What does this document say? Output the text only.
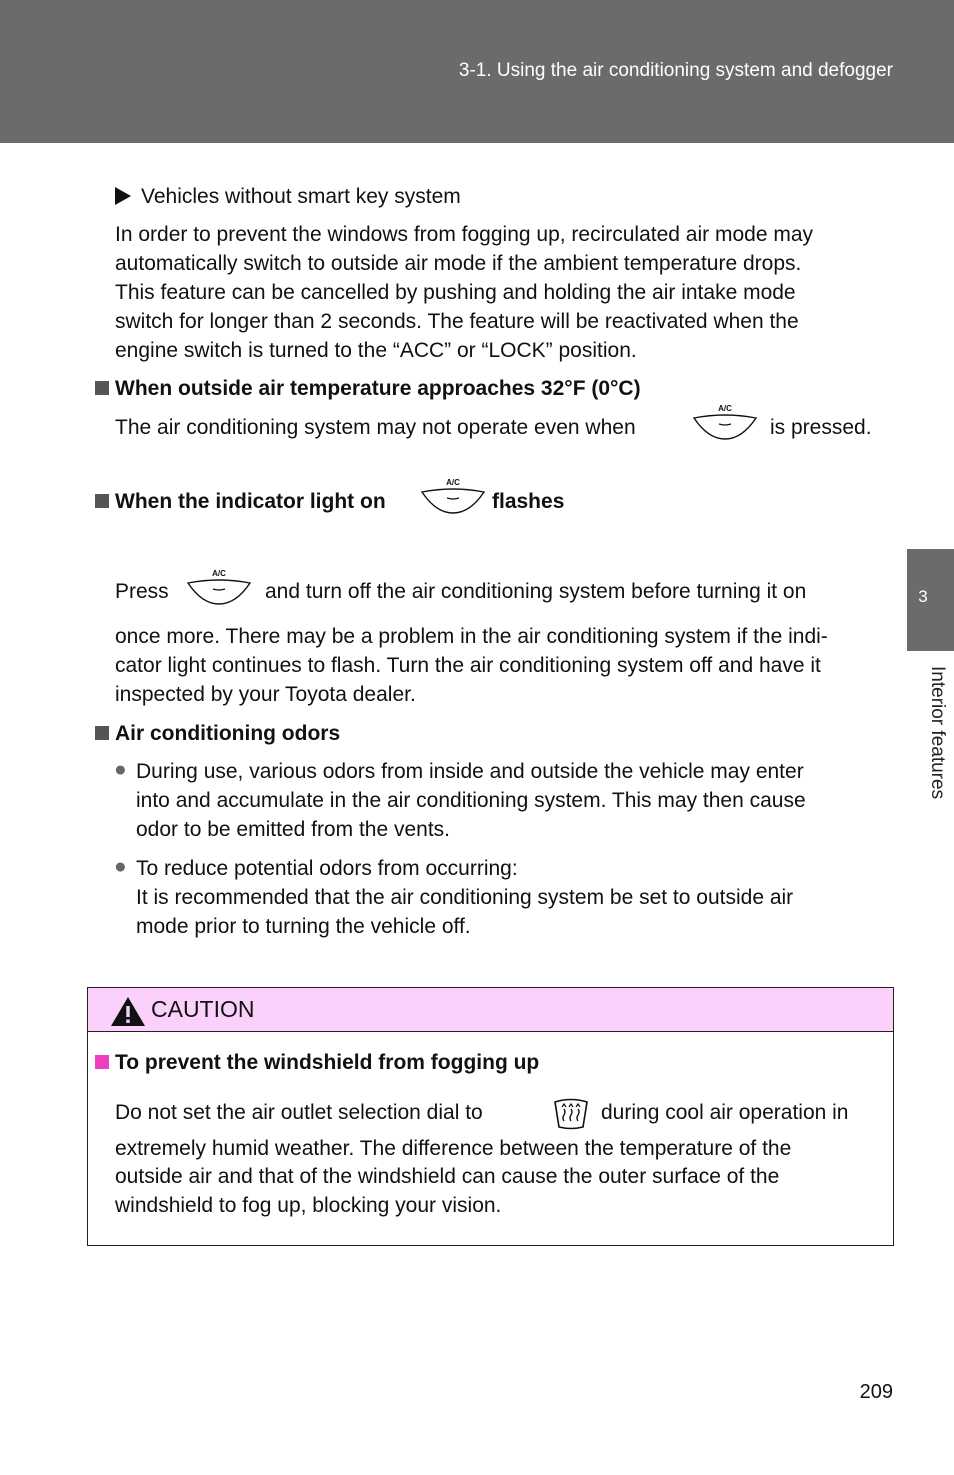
3-1. Using the air conditioning system and defogger
3
Interior features
Vehicles without smart key system
In order to prevent the windows from fogging up, recirculated air mode may
automatically switch to outside air mode if the ambient temperature drops.
This feature can be cancelled by pushing and holding the air intake mode
switch for longer than 2 seconds. The feature will be reactivated when the
engine switch is turned to the “ACC” or “LOCK” position.
When outside air temperature approaches 32°F (0°C)
The air conditioning system may not operate even when
A/C
is pressed.
When the indicator light on
A/C
flashes
Press
A/C
and turn off the air conditioning system before turning it on
once more. There may be a problem in the air conditioning system if the indi-
cator light continues to flash. Turn the air conditioning system off and have it
inspected by your Toyota dealer.
Air conditioning odors
● During use, various odors from inside and outside the vehicle may enter
into and accumulate in the air conditioning system. This may then cause
odor to be emitted from the vents.
● To reduce potential odors from occurring:
It is recommended that the air conditioning system be set to outside air
mode prior to turning the vehicle off.
CAUTION
To prevent the windshield from fogging up
Do not set the air outlet selection dial to	during cool air operation in
extremely humid weather. The difference between the temperature of the
outside air and that of the windshield can cause the outer surface of the
windshield to fog up, blocking your vision.
209
